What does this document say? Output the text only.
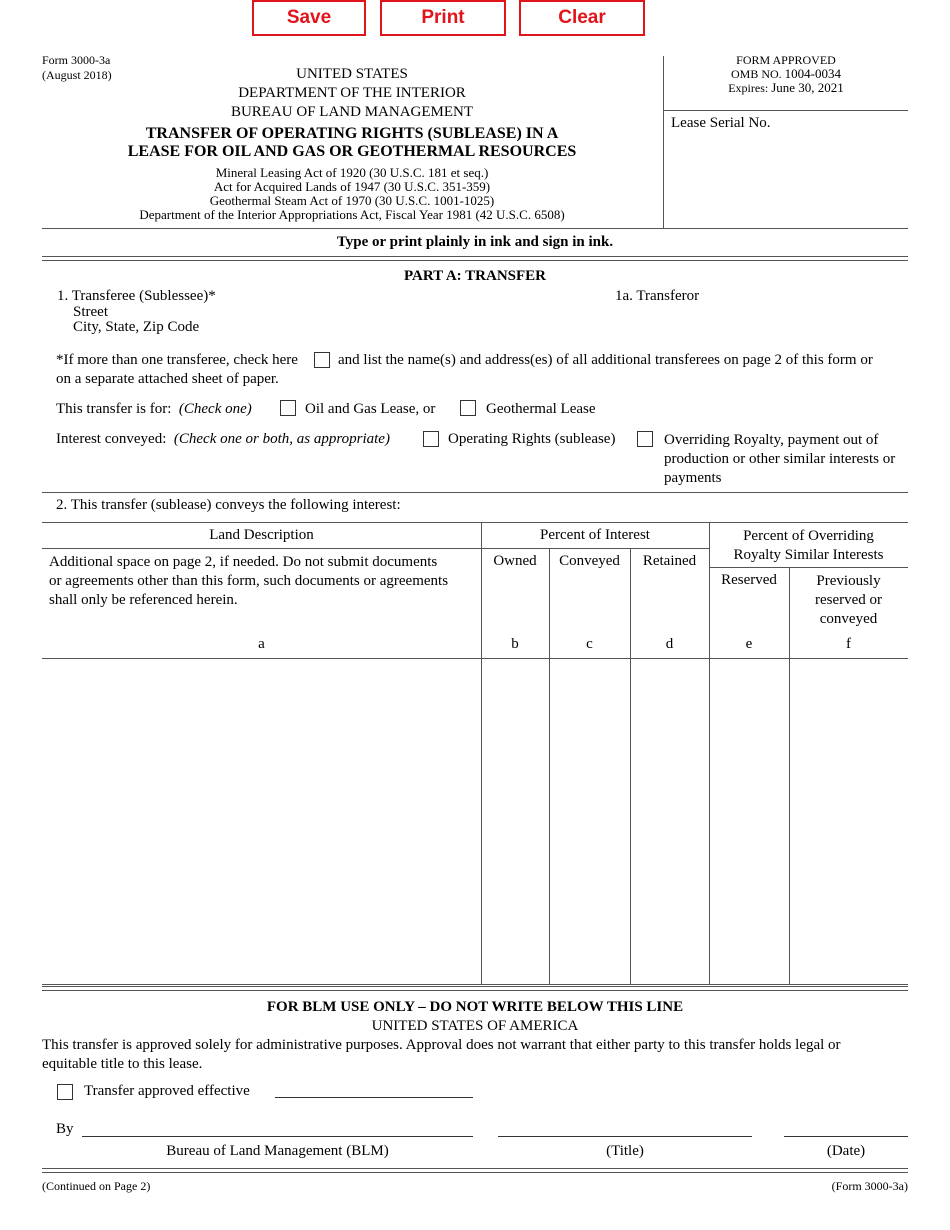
Save	Print	Clear
Form 3000-3a
(August 2018)	UNITED STATES
DEPARTMENT OF THE INTERIOR
BUREAU OF LAND MANAGEMENT
TRANSFER OF OPERATING RIGHTS (SUBLEASE) IN A
LEASE FOR OIL AND GAS OR GEOTHERMAL RESOURCES
Mineral Leasing Act of 1920 (30 U.S.C. 181 et seq.)
Act for Acquired Lands of 1947 (30 U.S.C. 351-359)
Geothermal Steam Act of 1970 (30 U.S.C. 1001-1025)
Department of the Interior Appropriations Act, Fiscal Year 1981 (42 U.S.C. 6508)
FORM APPROVED
OMB NO. 1004-0034
Expires: June 30, 2021
Lease Serial No.
Type or print plainly in ink and sign in ink.
PART A: TRANSFER
1. Transferee (Sublessee)*
Street
City, State, Zip Code
1a. Transferor
*If more than one transferee, check here	and list the name(s) and address(es) of all additional transferees on page 2 of this form or
on a separate attached sheet of paper.
This transfer is for: (Check one)	Oil and Gas Lease, or	Geothermal Lease
Interest conveyed: (Check one or both, as appropriate)	Operating Rights (sublease)	Overriding Royalty, payment out of
production or other similar interests or
payments
2. This transfer (sublease) conveys the following interest:
Land Description
Additional space on page 2, if needed. Do not submit documents
or agreements other than this form, such documents or agreements
shall only be referenced herein.
Percent of Interest
Owned	Conveyed	Retained
Percent of Overriding
Royalty Similar Interests
Reserved	Previously
reserved or
conveyed
a	b	c	d	e	f
FOR BLM USE ONLY – DO NOT WRITE BELOW THIS LINE
UNITED STATES OF AMERICA
This transfer is approved solely for administrative purposes. Approval does not warrant that either party to this transfer holds legal or
equitable title to this lease.
Transfer approved effective
By
Bureau of Land Management (BLM)	(Title)	(Date)
(Continued on Page 2)	(Form 3000-3a)
